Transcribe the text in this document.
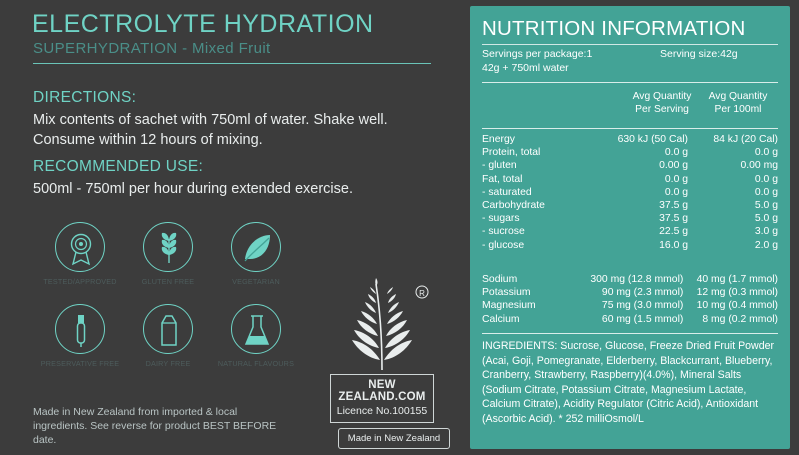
ELECTROLYTE HYDRATION
SUPERHYDRATION - Mixed Fruit
DIRECTIONS:
Mix contents of sachet with 750ml of water. Shake well. Consume within 12 hours of mixing.
RECOMMENDED USE:
500ml - 750ml per hour during extended exercise.
TESTED/APPROVED	GLUTEN FREE	VEGETARIAN
PRESERVATIVE FREE	DAIRY FREE	NATURAL FLAVOURS
R
NEW ZEALAND.COM
Licence No.100155
Made in New Zealand
Made in New Zealand from imported & local ingredients. See reverse for product BEST BEFORE date.
NUTRITION INFORMATION
Servings per package:1	Serving size:42g
42g + 750ml water
Avg Quantity
Per Serving
Avg Quantity
Per 100ml
Energy	630 kJ (50 Cal)	84 kJ (20 Cal)
Protein, total	0.0 g	0.0 g
- gluten	0.00 g	0.00 mg
Fat, total	0.0 g	0.0 g
- saturated	0.0 g	0.0 g
Carbohydrate	37.5 g	5.0 g
- sugars	37.5 g	5.0 g
- sucrose	22.5 g	3.0 g
- glucose	16.0 g	2.0 g
Sodium	300 mg (12.8 mmol)	40 mg (1.7 mmol)
Potassium	90 mg (2.3 mmol)	12 mg (0.3 mmol)
Magnesium	75 mg (3.0 mmol)	10 mg (0.4 mmol)
Calcium	60 mg (1.5 mmol)	8 mg (0.2 mmol)
INGREDIENTS: Sucrose, Glucose, Freeze Dried Fruit Powder (Acai, Goji, Pomegranate, Elderberry, Blackcurrant, Blueberry, Cranberry, Strawberry, Raspberry)(4.0%), Mineral Salts (Sodium Citrate, Potassium Citrate, Magnesium Lactate, Calcium Citrate), Acidity Regulator (Citric Acid), Antioxidant (Ascorbic Acid). * 252 milliOsmol/L
